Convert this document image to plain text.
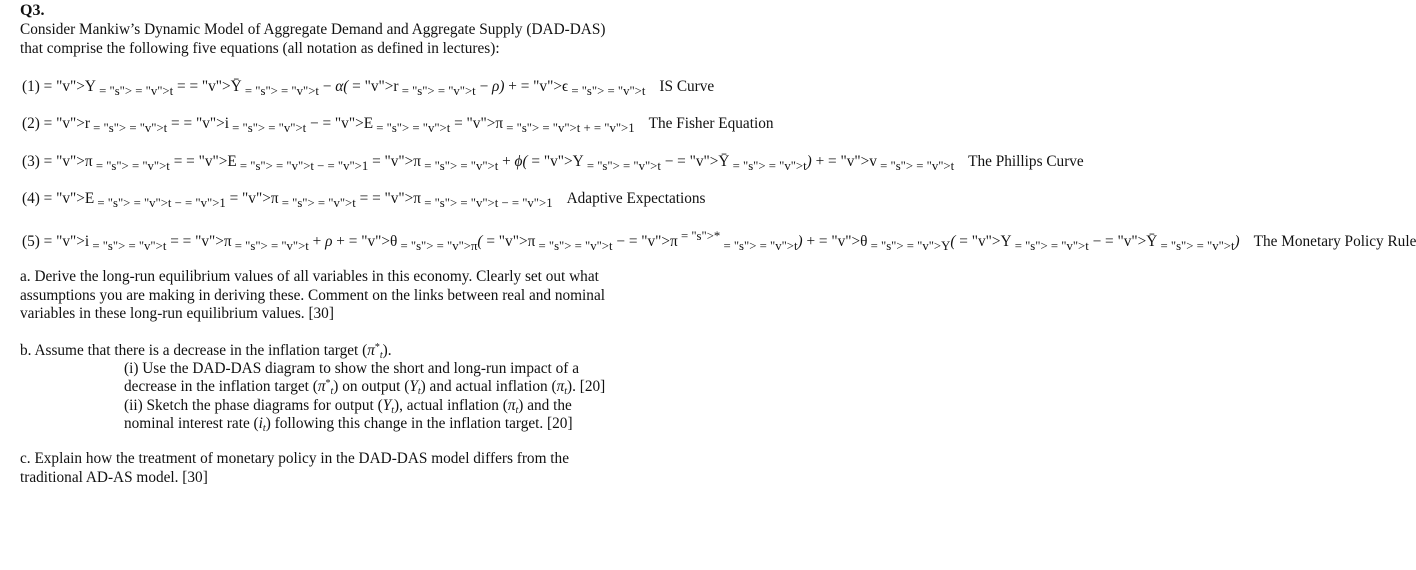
Q3.

Consider Mankiw’s Dynamic Model of Aggregate Demand and Aggregate Supply (DAD-DAS) that comprise the following five equations (all notation as defined in lectures):

(1) = "v">Y $_{= "s"> = "v">t}$ = = "v">Ȳ $_{= "s"> = "v">t}$ − α( = "v">r $_{= "s"> = "v">t}$ − ρ) + = "v">ϵ $_{= "s"> = "v">t}$ IS Curve
(2) = "v">r $_{= "s"> = "v">t}$ = = "v">i $_{= "s"> = "v">t}$ − = "v">E $_{= "s"> = "v">t}$ = "v">π $_{= "s"> = "v">t + = "v">1}$ The Fisher Equation
(3) = "v">π $_{= "s"> = "v">t}$ = = "v">E $_{= "s"> = "v">t - = "v">1}$ = "v">π $_{= "s"> = "v">t}$ + ϕ( = "v">Y $_{= "s"> = "v">t}$ − = "v">Ȳ $_{= "s"> = "v">t}$) + = "v">v $_{= "s"> = "v">t}$ The Phillips Curve
(4) = "v">E $_{= "s"> = "v">t - = "v">1}$ = "v">π $_{= "s"> = "v">t}$ = = "v">π $_{= "s"> = "v">t - = "v">1}$ Adaptive Expectations
(5) = "v">i $_{= "s"> = "v">t}$ = = "v">π $_{= "s"> = "v">t}$ + ρ + = "v">θ $_{= "s"> = "v">\pi}$( = "v">π $_{= "s"> = "v">t}$ − = "v">π $^{= "s">*}$ $_{= "s"> = "v">t}$) + = "v">θ $_{= "s"> = "v">Y}$( = "v">Y $_{= "s"> = "v">t}$ − = "v">Ȳ $_{= "s"> = "v">t}$) The Monetary Policy Rule

a. Derive the long-run equilibrium values of all variables in this economy. Clearly set out what assumptions you are making in deriving these. Comment on the links between real and nominal variables in these long-run equilibrium values. [30]

b. Assume that there is a decrease in the inflation target $(\pi^*_t)$.

(i) Use the DAD-DAS diagram to show the short and long-run impact of a decrease in the inflation target $(\pi^*_t)$ on output $(Y_t)$ and actual inflation $(\pi_t)$. [20]

(ii) Sketch the phase diagrams for output $(Y_t)$, actual inflation $(\pi_t)$ and the nominal interest rate $(i_t)$ following this change in the inflation target. [20]

c. Explain how the treatment of monetary policy in the DAD-DAS model differs from the traditional AD-AS model. [30]
